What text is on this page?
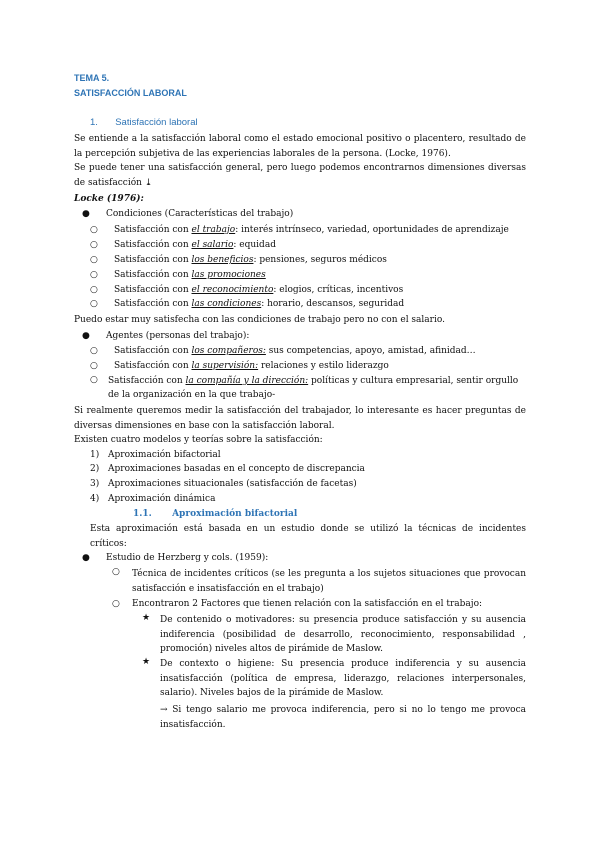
TEMA 5.
SATISFACCIÓN LABORAL
1. Satisfacción laboral
Se entiende a la satisfacción laboral como el estado emocional positivo o placentero, resultado de la percepción subjetiva de las experiencias laborales de la persona. (Locke, 1976).
Se puede tener una satisfacción general, pero luego podemos encontrarnos dimensiones diversas de satisfacción ⤓
Locke (1976):
● Condiciones (Características del trabajo)
○ Satisfacción con el trabajo: interés intrínseco, variedad, oportunidades de aprendizaje
○ Satisfacción con el salario: equidad
○ Satisfacción con los beneficios: pensiones, seguros médicos
○ Satisfacción con las promociones
○ Satisfacción con el reconocimiento: elogios, críticas, incentivos
○ Satisfacción con las condiciones: horario, descansos, seguridad
Puedo estar muy satisfecha con las condiciones de trabajo pero no con el salario.
● Agentes (personas del trabajo):
○ Satisfacción con los compañeros: sus competencias, apoyo, amistad, afinidad…
○ Satisfacción con la supervisión: relaciones y estilo liderazgo
○	Satisfacción con la compañía y la dirección: políticas y cultura empresarial, sentir orgullo de la organización en la que trabajo-
Si realmente queremos medir la satisfacción del trabajador, lo interesante es hacer preguntas de diversas dimensiones en base con la satisfacción laboral.
Existen cuatro modelos y teorías sobre la satisfacción:
1) Aproximación bifactorial
2) Aproximaciones basadas en el concepto de discrepancia
3) Aproximaciones situacionales (satisfacción de facetas)
4) Aproximación dinámica
1.1. Aproximación bifactorial
Esta aproximación está basada en un estudio donde se utilizó la técnicas de incidentes críticos:
● Estudio de Herzberg y cols. (1959):
○ Técnica de incidentes críticos (se les pregunta a los sujetos situaciones que provocan satisfacción e insatisfacción en el trabajo)
○ Encontraron 2 Factores que tienen relación con la satisfacción en el trabajo:
★ De contenido o motivadores: su presencia produce satisfacción y su ausencia indiferencia (posibilidad de desarrollo, reconocimiento, responsabilidad , promoción) niveles altos de pirámide de Maslow.
★ De contexto o higiene: Su presencia produce indiferencia y su ausencia insatisfacción (política de empresa, liderazgo, relaciones interpersonales, salario). Niveles bajos de la pirámide de Maslow.
→ Si tengo salario me provoca indiferencia, pero si no lo tengo me provoca insatisfacción.
